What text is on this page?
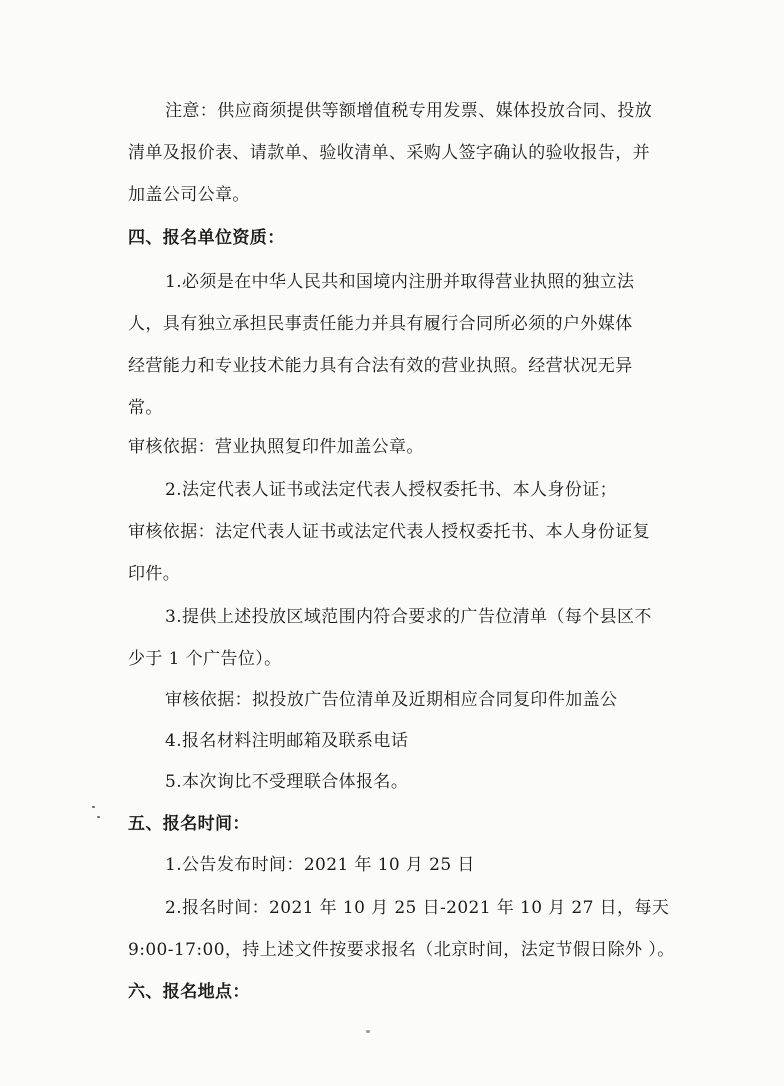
注意：供应商须提供等额增值税专用发票、媒体投放合同、投放
清单及报价表、请款单、验收清单、采购人签字确认的验收报告，并
加盖公司公章。
四、报名单位资质：
1.必须是在中华人民共和国境内注册并取得营业执照的独立法
人，具有独立承担民事责任能力并具有履行合同所必须的户外媒体
经营能力和专业技术能力具有合法有效的营业执照。经营状况无异
常。
审核依据：营业执照复印件加盖公章。
2.法定代表人证书或法定代表人授权委托书、本人身份证；
审核依据：法定代表人证书或法定代表人授权委托书、本人身份证复
印件。
3.提供上述投放区域范围内符合要求的广告位清单（每个县区不
少于 1 个广告位）。
审核依据：拟投放广告位清单及近期相应合同复印件加盖公
4.报名材料注明邮箱及联系电话
5.本次询比不受理联合体报名。
五、报名时间：
1.公告发布时间：2021 年 10 月 25 日
2.报名时间：2021 年 10 月 25 日-2021 年 10 月 27 日，每天
9:00-17:00，持上述文件按要求报名（北京时间，法定节假日除外 ）。
六、报名地点：
